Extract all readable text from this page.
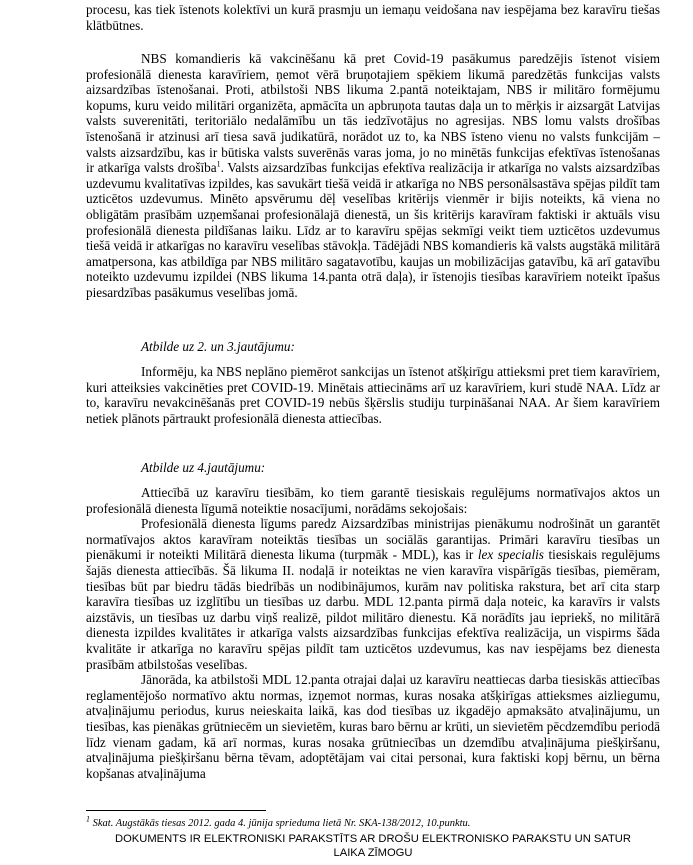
procesu, kas tiek īstenots kolektīvi un kurā prasmju un iemaņu veidošana nav iespējama bez karavīru tiešas klātbūtnes.

NBS komandieris kā vakcinēšanu kā pret Covid-19 pasākumus paredzējis īstenot visiem profesionālā dienesta karavīriem, ņemot vērā bruņotajiem spēkiem likumā paredzētās funkcijas valsts aizsardzības īstenošanai. Proti, atbilstoši NBS likuma 2.pantā noteiktajam, NBS ir militāro formējumu kopums, kuru veido militāri organizēta, apmācīta un apbruņota tautas daļa un to mērķis ir aizsargāt Latvijas valsts suverenitāti, teritoriālo nedalāmību un tās iedzīvotājus no agresijas. NBS lomu valsts drošības īstenošanā ir atzinusi arī tiesa savā judikatūrā, norādot uz to, ka NBS īsteno vienu no valsts funkcijām – valsts aizsardzību, kas ir būtiska valsts suverēnās varas joma, jo no minētās funkcijas efektīvas īstenošanas ir atkarīga valsts drošība$^1$. Valsts aizsardzības funkcijas efektīva realizācija ir atkarīga no valsts aizsardzības uzdevumu kvalitatīvas izpildes, kas savukārt tiešā veidā ir atkarīga no NBS personālsastāva spējas pildīt tam uzticētos uzdevumus. Minēto apsvērumu dēļ veselības kritērijs vienmēr ir bijis noteikts, kā viena no obligātām prasībām uzņemšanai profesionālajā dienestā, un šis kritērijs karavīram faktiski ir aktuāls visu profesionālā dienesta pildīšanas laiku. Līdz ar to karavīru spējas sekmīgi veikt tiem uzticētos uzdevumus tiešā veidā ir atkarīgas no karavīru veselības stāvokļa. Tādējādi NBS komandieris kā valsts augstākā militārā amatpersona, kas atbildīga par NBS militāro sagatavotību, kaujas un mobilizācijas gatavību, kā arī gatavību noteikto uzdevumu izpildei (NBS likuma 14.panta otrā daļa), ir īstenojis tiesības karavīriem noteikt īpašus piesardzības pasākumus veselības jomā.

Atbilde uz 2. un 3.jautājumu:

Informēju, ka NBS neplāno piemērot sankcijas un īstenot atšķirīgu attieksmi pret tiem karavīriem, kuri atteiksies vakcinēties pret COVID-19. Minētais attiecināms arī uz karavīriem, kuri studē NAA. Līdz ar to, karavīru nevakcinēšanās pret COVID-19 nebūs šķērslis studiju turpināšanai NAA. Ar šiem karavīriem netiek plānots pārtraukt profesionālā dienesta attiecības.

Atbilde uz 4.jautājumu:

Attiecībā uz karavīru tiesībām, ko tiem garantē tiesiskais regulējums normatīvajos aktos un profesionālā dienesta līgumā noteiktie nosacījumi, norādāms sekojošais:

Profesionālā dienesta līgums paredz Aizsardzības ministrijas pienākumu nodrošināt un garantēt normatīvajos aktos karavīram noteiktās tiesības un sociālās garantijas. Primāri karavīru tiesības un pienākumi ir noteikti Militārā dienesta likuma (turpmāk - MDL), kas ir lex specialis tiesiskais regulējums šajās dienesta attiecībās. Šā likuma II. nodaļā ir noteiktas ne vien karavīra vispārīgās tiesības, piemēram, tiesības būt par biedru tādās biedrībās un nodibinājumos, kurām nav politiska rakstura, bet arī cita starp karavīra tiesības uz izglītību un tiesības uz darbu. MDL 12.panta pirmā daļa noteic, ka karavīrs ir valsts aizstāvis, un tiesības uz darbu viņš realizē, pildot militāro dienestu. Kā norādīts jau iepriekš, no militārā dienesta izpildes kvalitātes ir atkarīga valsts aizsardzības funkcijas efektīva realizācija, un vispirms šāda kvalitāte ir atkarīga no karavīru spējas pildīt tam uzticētos uzdevumus, kas nav iespējams bez dienesta prasībām atbilstošas veselības.

Jānorāda, ka atbilstoši MDL 12.panta otrajai daļai uz karavīru neattiecas darba tiesiskās attiecības reglamentējošo normatīvo aktu normas, izņemot normas, kuras nosaka atšķirīgas attieksmes aizliegumu, atvaļinājumu periodus, kurus neieskaita laikā, kas dod tiesības uz ikgadējo apmaksāto atvaļinājumu, un tiesības, kas pienākas grūtniecēm un sievietēm, kuras baro bērnu ar krūti, un sievietēm pēcdzemdību periodā līdz vienam gadam, kā arī normas, kuras nosaka grūtniecības un dzemdību atvaļinājuma piešķiršanu, atvaļinājuma piešķiršanu bērna tēvam, adoptētājam vai citai personai, kura faktiski kopj bērnu, un bērna kopšanas atvaļinājuma

$^1$ Skat. Augstākās tiesas 2012. gada 4. jūnija sprieduma lietā Nr. SKA-138/2012, 10.punktu.
DOKUMENTS IR ELEKTRONISKI PARAKSTĪTS AR DROŠU ELEKTRONISKO PARAKSTU UN SATUR
LAIKA ZĪMOGU
